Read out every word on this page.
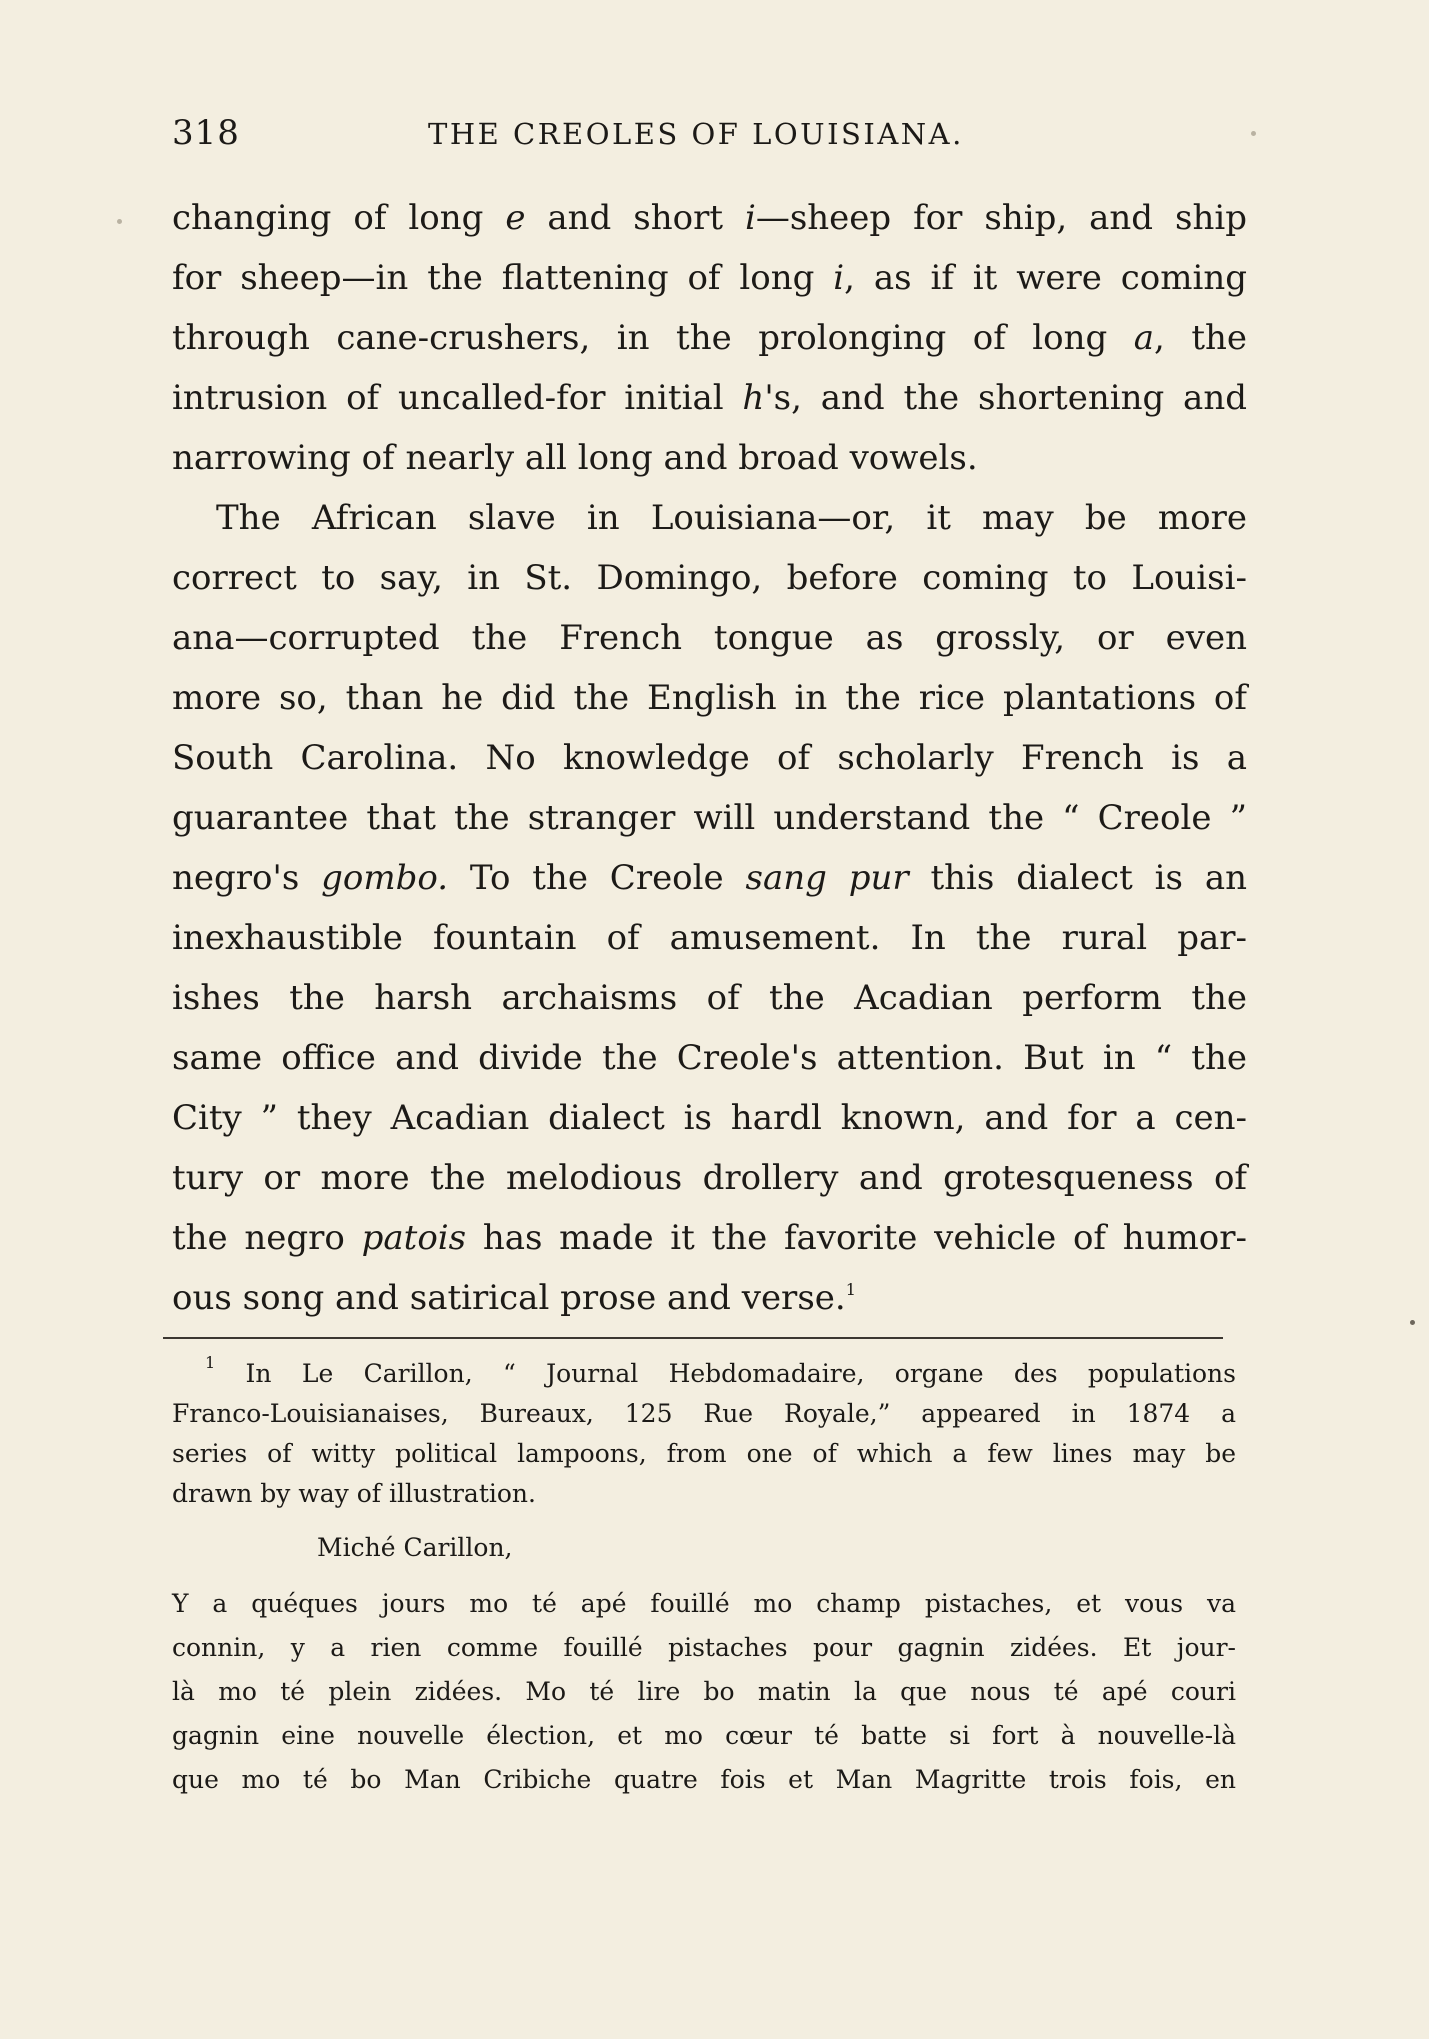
318	THE CREOLES OF LOUISIANA.
changing of long e and short i—sheep for ship, and ship
for sheep—in the flattening of long i, as if it were coming
through cane-crushers, in the prolonging of long a, the
intrusion of uncalled-for initial h's, and the shortening and
narrowing of nearly all long and broad vowels.
The African slave in Louisiana—or, it may be more
correct to say, in St. Domingo, before coming to Louisi-
ana—corrupted the French tongue as grossly, or even
more so, than he did the English in the rice plantations of
South Carolina. No knowledge of scholarly French is a
guarantee that the stranger will understand the “ Creole ”
negro's gombo. To the Creole sang pur this dialect is an
inexhaustible fountain of amusement. In the rural par-
ishes the harsh archaisms of the Acadian perform the
same office and divide the Creole's attention. But in “ the
City ” they Acadian dialect is hardl known, and for a cen-
tury or more the melodious drollery and grotesqueness of
the negro patois has made it the favorite vehicle of humor-
ous song and satirical prose and verse.$^1$
$^1$ In Le Carillon, “ Journal Hebdomadaire, organe des populations
Franco-Louisianaises, Bureaux, 125 Rue Royale,” appeared in 1874 a
series of witty political lampoons, from one of which a few lines may be
drawn by way of illustration.
Miché Carillon,
Y a quéques jours mo té apé fouillé mo champ pistaches, et vous va
connin, y a rien comme fouillé pistaches pour gagnin zidées. Et jour-
là mo té plein zidées. Mo té lire bo matin la que nous té apé couri
gagnin eine nouvelle élection, et mo cœur té batte si fort à nouvelle-là
que mo té bo Man Cribiche quatre fois et Man Magritte trois fois, en
